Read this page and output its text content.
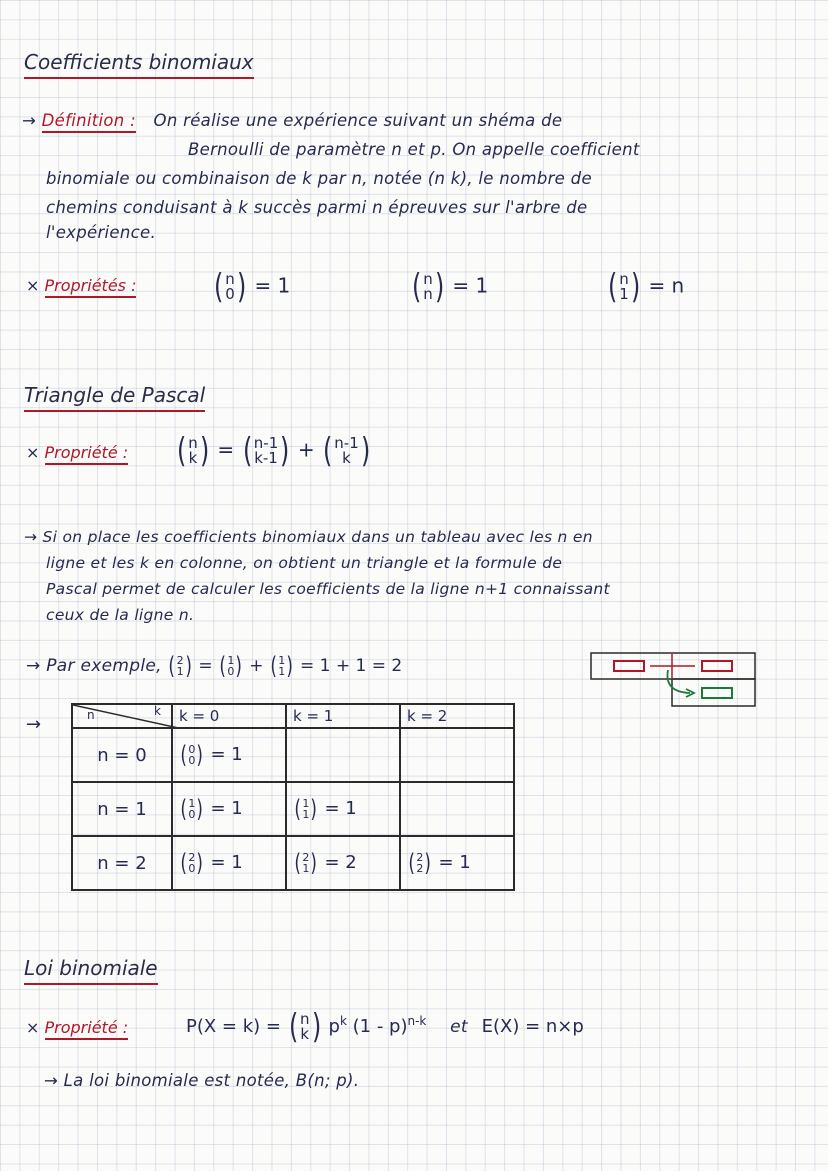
Coefficients binomiaux
→ Définition : On réalise une expérience suivant un shéma de
Bernoulli de paramètre n et p. On appelle coefficient
binomiale ou combinaison de k par n, notée (n k), le nombre de
chemins conduisant à k succès parmi n épreuves sur l'arbre de
l'expérience.
× Propriétés : ( n
0 ) = 1	( n
n ) = 1	( n
1 ) = n
Triangle de Pascal
× Propriété : ( n
k ) = ( n-1
k-1 ) + ( n-1
k )
→ Si on place les coefficients binomiaux dans un tableau avec les n en
ligne et les k en colonne, on obtient un triangle et la formule de
Pascal permet de calculer les coefficients de la ligne n+1 connaissant
ceux de la ligne n.
→ Par exemple, ( 2
1 ) = ( 1
0 ) + ( 1
1 ) = 1 + 1 = 2
→	n k	k = 0	k = 1	k = 2
n = 0	( 0
0 ) = 1		
n = 1	( 1
0 ) = 1	( 1
1 ) = 1	
n = 2	( 2
0 ) = 1	( 2
1 ) = 2	( 2
2 ) = 1
Loi binomiale
× Propriété :	P(X = k) = ( n
k ) $p^k$ (1 - p)$^{n-k}$ et E(X) = n×p
→ La loi binomiale est notée, B(n; p).
